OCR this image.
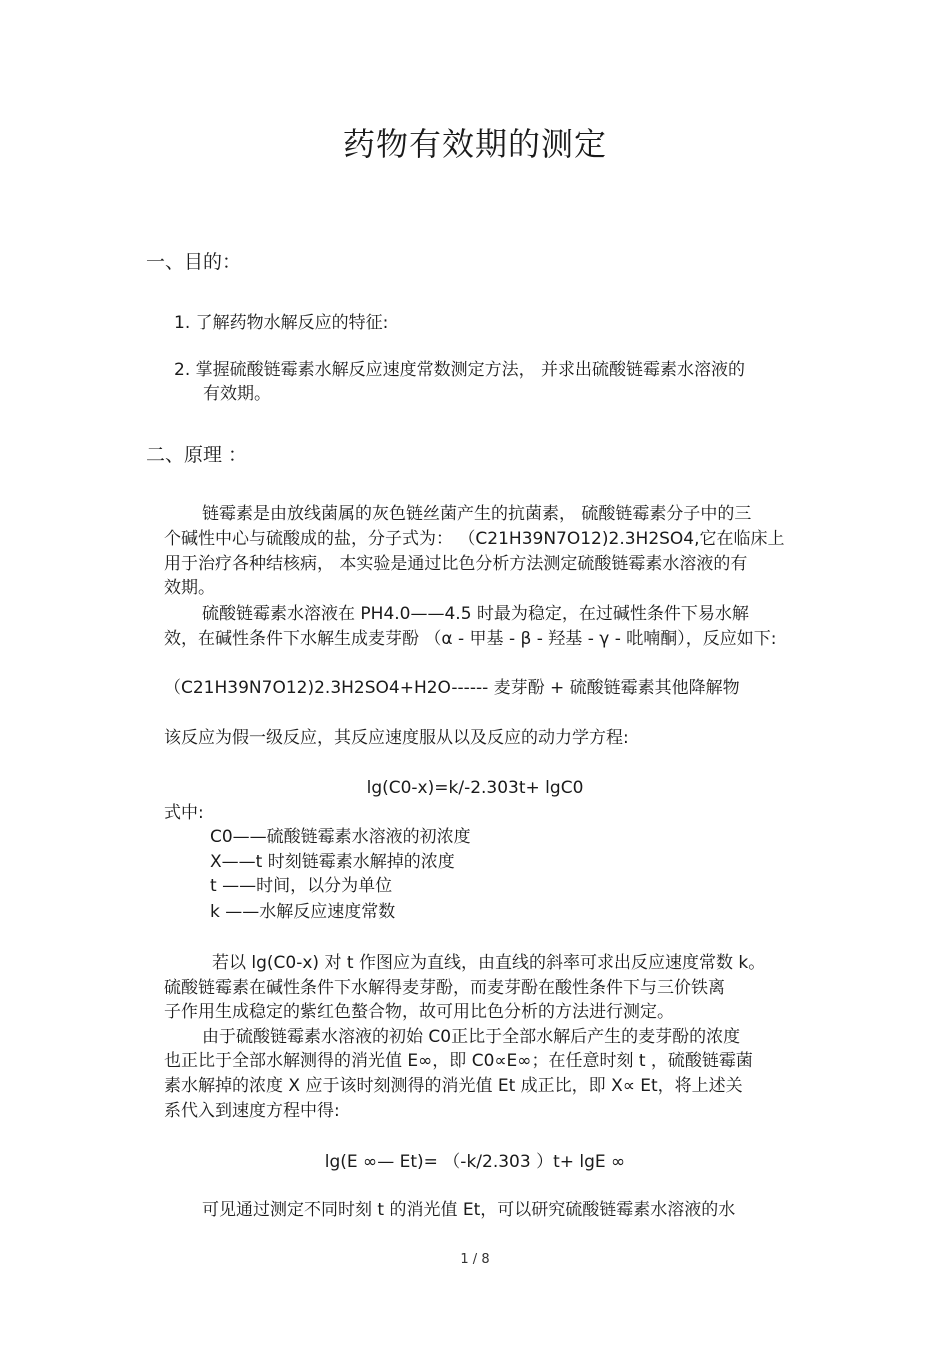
药物有效期的测定
一、目的：
1. 了解药物水解反应的特征:
2. 掌握硫酸链霉素水解反应速度常数测定方法， 并求出硫酸链霉素水溶液的
有效期。
二、原理 ：
链霉素是由放线菌属的灰色链丝菌产生的抗菌素， 硫酸链霉素分子中的三
个碱性中心与硫酸成的盐，分子式为： （C21H39N7O12)2.3H2SO4,它在临床上
用于治疗各种结核病， 本实验是通过比色分析方法测定硫酸链霉素水溶液的有
效期。
硫酸链霉素水溶液在 PH4.0——4.5 时最为稳定，在过碱性条件下易水解
效，在碱性条件下水解生成麦芽酚 （α - 甲基 - β - 羟基 - γ - 吡喃酮），反应如下:
（C21H39N7O12)2.3H2SO4+H2O------ 麦芽酚 + 硫酸链霉素其他降解物
该反应为假一级反应，其反应速度服从以及反应的动力学方程:
lg(C0-x)=k/-2.303t+ lgC0
式中:
C0——硫酸链霉素水溶液的初浓度
X——t 时刻链霉素水解掉的浓度
t ——时间，以分为单位
k ——水解反应速度常数
若以 lg(C0-x) 对 t 作图应为直线，由直线的斜率可求出反应速度常数 k。
硫酸链霉素在碱性条件下水解得麦芽酚，而麦芽酚在酸性条件下与三价铁离
子作用生成稳定的紫红色螯合物，故可用比色分析的方法进行测定。
由于硫酸链霉素水溶液的初始 C0正比于全部水解后产生的麦芽酚的浓度
也正比于全部水解测得的消光值 E∞，即 C0∝E∞；在任意时刻 t ，硫酸链霉菌
素水解掉的浓度 X 应于该时刻测得的消光值 Et 成正比，即 X∝ Et，将上述关
系代入到速度方程中得:
lg(E ∞— Et)= （-k/2.303 ）t+ lgE ∞
可见通过测定不同时刻 t 的消光值 Et，可以研究硫酸链霉素水溶液的水
1 / 8
